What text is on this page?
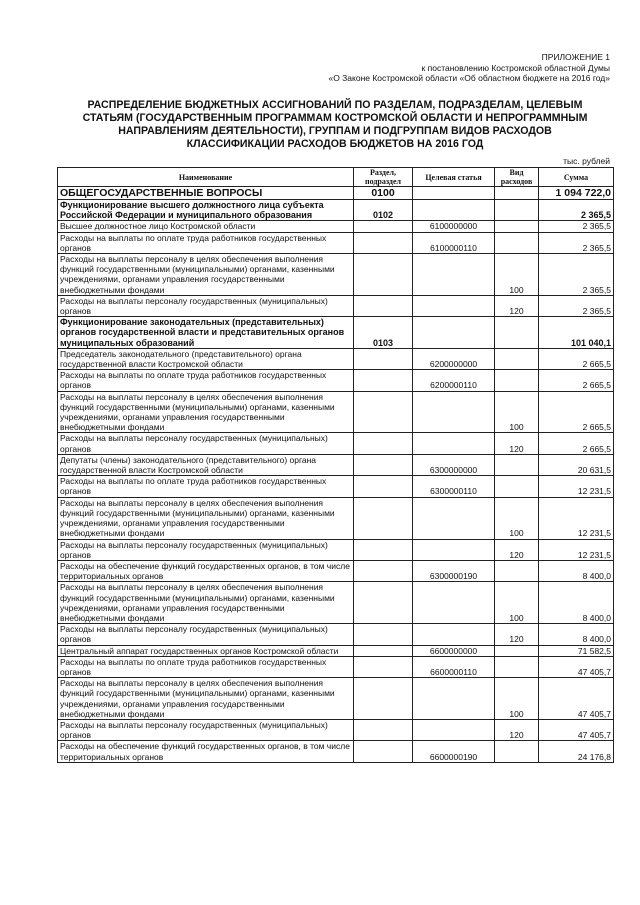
ПРИЛОЖЕНИЕ 1
к постановлению Костромской областной Думы
«О Законе Костромской области «Об областном бюджете на 2016 год»
РАСПРЕДЕЛЕНИЕ БЮДЖЕТНЫХ АССИГНОВАНИЙ ПО РАЗДЕЛАМ, ПОДРАЗДЕЛАМ, ЦЕЛЕВЫМ СТАТЬЯМ (ГОСУДАРСТВЕННЫМ ПРОГРАММАМ КОСТРОМСКОЙ ОБЛАСТИ И НЕПРОГРАММНЫМ НАПРАВЛЕНИЯМ ДЕЯТЕЛЬНОСТИ), ГРУППАМ И ПОДГРУППАМ ВИДОВ РАСХОДОВ КЛАССИФИКАЦИИ РАСХОДОВ БЮДЖЕТОВ НА 2016 ГОД
тыс. рублей
Наименование	Раздел, подраздел	Целевая статья	Вид расходов	Сумма
ОБЩЕГОСУДАРСТВЕННЫЕ ВОПРОСЫ	0100			1 094 722,0
Функционирование высшего должностного лица субъекта Российской Федерации и муниципального образования	0102			2 365,5
Высшее должностное лицо Костромской области		6100000000		2 365,5
Расходы на выплаты по оплате труда работников государственных органов		6100000110		2 365,5
Расходы на выплаты персоналу в целях обеспечения выполнения функций государственными (муниципальными) органами, казенными учреждениями, органами управления государственными внебюджетными фондами			100	2 365,5
Расходы на выплаты персоналу государственных (муниципальных) органов			120	2 365,5
Функционирование законодательных (представительных) органов государственной власти и представительных органов муниципальных образований	0103			101 040,1
Председатель законодательного (представительного) органа государственной власти Костромской области		6200000000		2 665,5
Расходы на выплаты по оплате труда работников государственных органов		6200000110		2 665,5
Расходы на выплаты персоналу в целях обеспечения выполнения функций государственными (муниципальными) органами, казенными учреждениями, органами управления государственными внебюджетными фондами			100	2 665,5
Расходы на выплаты персоналу государственных (муниципальных) органов			120	2 665,5
Депутаты (члены) законодательного (представительного) органа государственной власти Костромской области		6300000000		20 631,5
Расходы на выплаты по оплате труда работников государственных органов		6300000110		12 231,5
Расходы на выплаты персоналу в целях обеспечения выполнения функций государственными (муниципальными) органами, казенными учреждениями, органами управления государственными внебюджетными фондами			100	12 231,5
Расходы на выплаты персоналу государственных (муниципальных) органов			120	12 231,5
Расходы на обеспечение функций государственных органов, в том числе территориальных органов		6300000190		8 400,0
Расходы на выплаты персоналу в целях обеспечения выполнения функций государственными (муниципальными) органами, казенными учреждениями, органами управления государственными внебюджетными фондами			100	8 400,0
Расходы на выплаты персоналу государственных (муниципальных) органов			120	8 400,0
Центральный аппарат государственных органов Костромской области		6600000000		71 582,5
Расходы на выплаты по оплате труда работников государственных органов		6600000110		47 405,7
Расходы на выплаты персоналу в целях обеспечения выполнения функций государственными (муниципальными) органами, казенными учреждениями, органами управления государственными внебюджетными фондами			100	47 405,7
Расходы на выплаты персоналу государственных (муниципальных) органов			120	47 405,7
Расходы на обеспечение функций государственных органов, в том числе территориальных органов		6600000190		24 176,8
